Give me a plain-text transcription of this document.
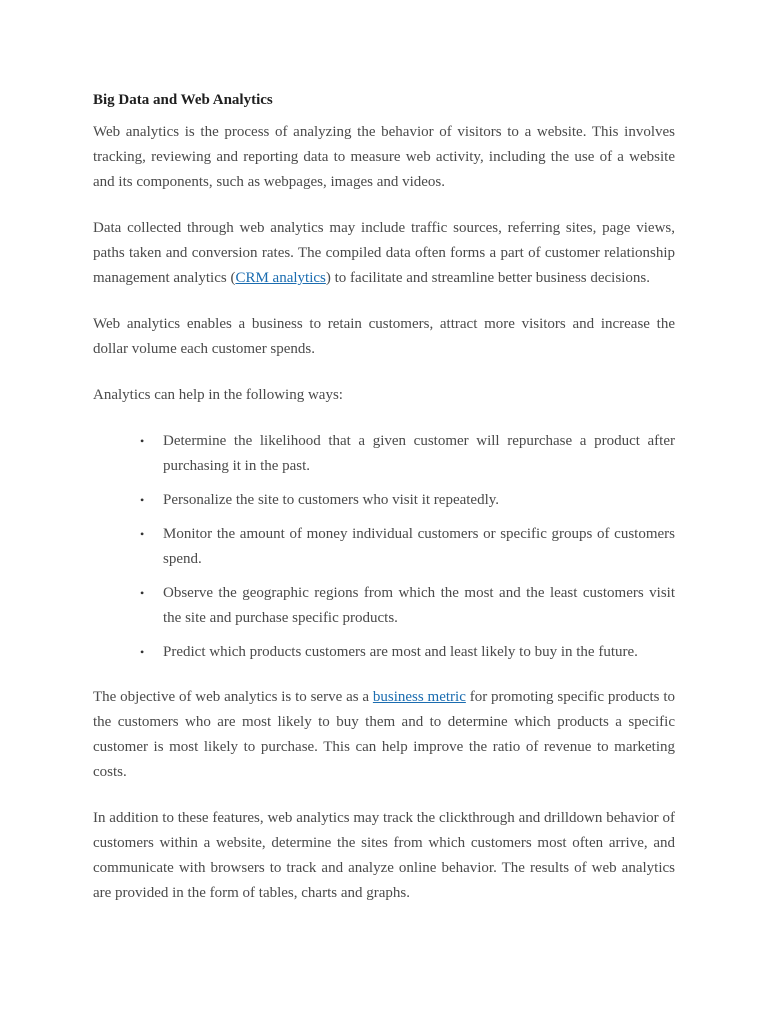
Big Data and Web Analytics

Web analytics is the process of analyzing the behavior of visitors to a website. This involves tracking, reviewing and reporting data to measure web activity, including the use of a website and its components, such as webpages, images and videos.

Data collected through web analytics may include traffic sources, referring sites, page views, paths taken and conversion rates. The compiled data often forms a part of customer relationship management analytics (CRM analytics) to facilitate and streamline better business decisions.

Web analytics enables a business to retain customers, attract more visitors and increase the dollar volume each customer spends.

Analytics can help in the following ways:

• Determine the likelihood that a given customer will repurchase a product after purchasing it in the past.
• Personalize the site to customers who visit it repeatedly.
• Monitor the amount of money individual customers or specific groups of customers spend.
• Observe the geographic regions from which the most and the least customers visit the site and purchase specific products.
• Predict which products customers are most and least likely to buy in the future.

The objective of web analytics is to serve as a business metric for promoting specific products to the customers who are most likely to buy them and to determine which products a specific customer is most likely to purchase. This can help improve the ratio of revenue to marketing costs.

In addition to these features, web analytics may track the clickthrough and drilldown behavior of customers within a website, determine the sites from which customers most often arrive, and communicate with browsers to track and analyze online behavior. The results of web analytics are provided in the form of tables, charts and graphs.
